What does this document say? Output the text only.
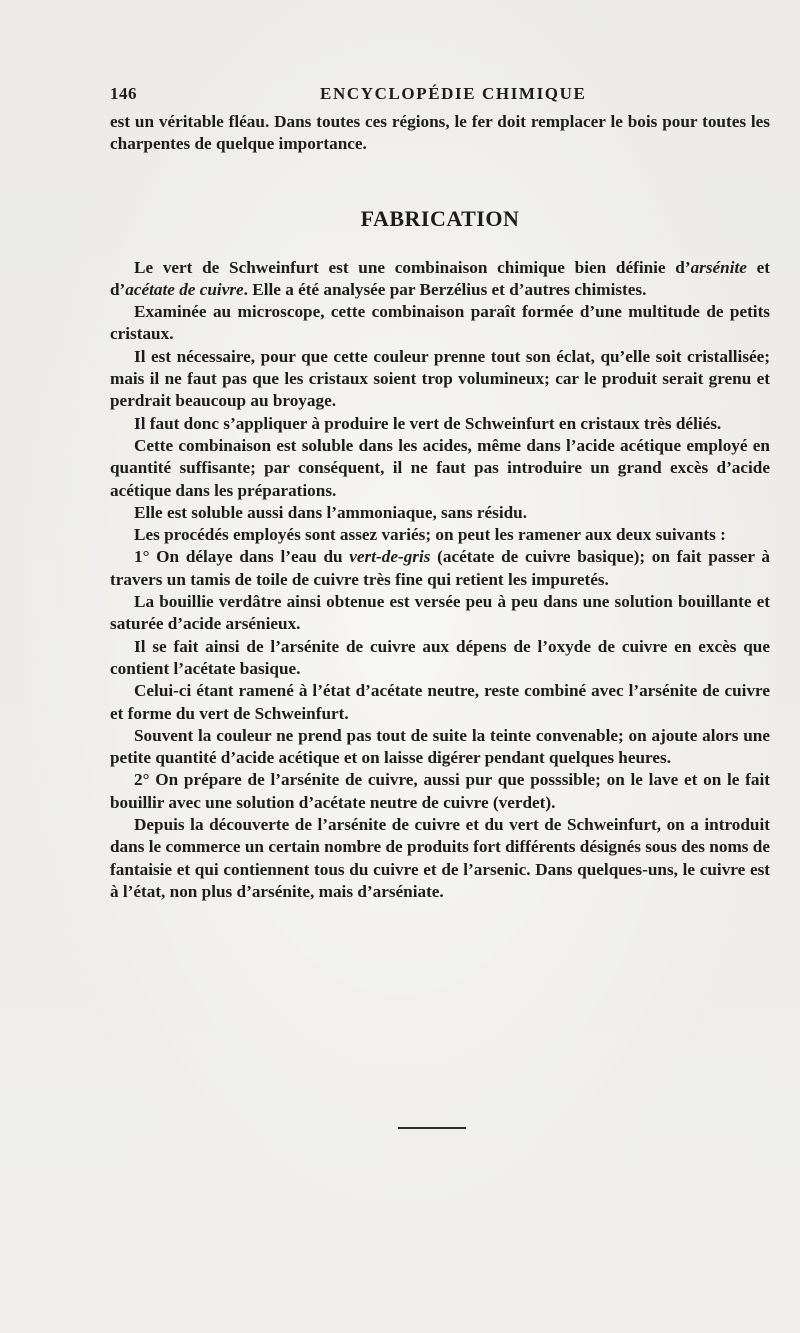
146	ENCYCLOPÉDIE CHIMIQUE

est un véritable fléau. Dans toutes ces régions, le fer doit remplacer le bois pour toutes les charpentes de quelque importance.

FABRICATION

Le vert de Schweinfurt est une combinaison chimique bien définie d’arsénite et d’acétate de cuivre. Elle a été analysée par Berzélius et d’autres chimistes.

Examinée au microscope, cette combinaison paraît formée d’une multitude de petits cristaux.

Il est nécessaire, pour que cette couleur prenne tout son éclat, qu’elle soit cristallisée; mais il ne faut pas que les cristaux soient trop volumineux; car le produit serait grenu et perdrait beaucoup au broyage.

Il faut donc s’appliquer à produire le vert de Schweinfurt en cristaux très déliés.

Cette combinaison est soluble dans les acides, même dans l’acide acétique employé en quantité suffisante; par conséquent, il ne faut pas introduire un grand excès d’acide acétique dans les préparations.

Elle est soluble aussi dans l’ammoniaque, sans résidu.

Les procédés employés sont assez variés; on peut les ramener aux deux suivants :

1° On délaye dans l’eau du vert-de-gris (acétate de cuivre basique); on fait passer à travers un tamis de toile de cuivre très fine qui retient les impuretés.

La bouillie verdâtre ainsi obtenue est versée peu à peu dans une solution bouillante et saturée d’acide arsénieux.

Il se fait ainsi de l’arsénite de cuivre aux dépens de l’oxyde de cuivre en excès que contient l’acétate basique.

Celui-ci étant ramené à l’état d’acétate neutre, reste combiné avec l’arsénite de cuivre et forme du vert de Schweinfurt.

Souvent la couleur ne prend pas tout de suite la teinte convenable; on ajoute alors une petite quantité d’acide acétique et on laisse digérer pendant quelques heures.

2° On prépare de l’arsénite de cuivre, aussi pur que posssible; on le lave et on le fait bouillir avec une solution d’acétate neutre de cuivre (verdet).

Depuis la découverte de l’arsénite de cuivre et du vert de Schweinfurt, on a introduit dans le commerce un certain nombre de produits fort différents désignés sous des noms de fantaisie et qui contiennent tous du cuivre et de l’arsenic. Dans quelques-uns, le cuivre est à l’état, non plus d’arsénite, mais d’arséniate.
